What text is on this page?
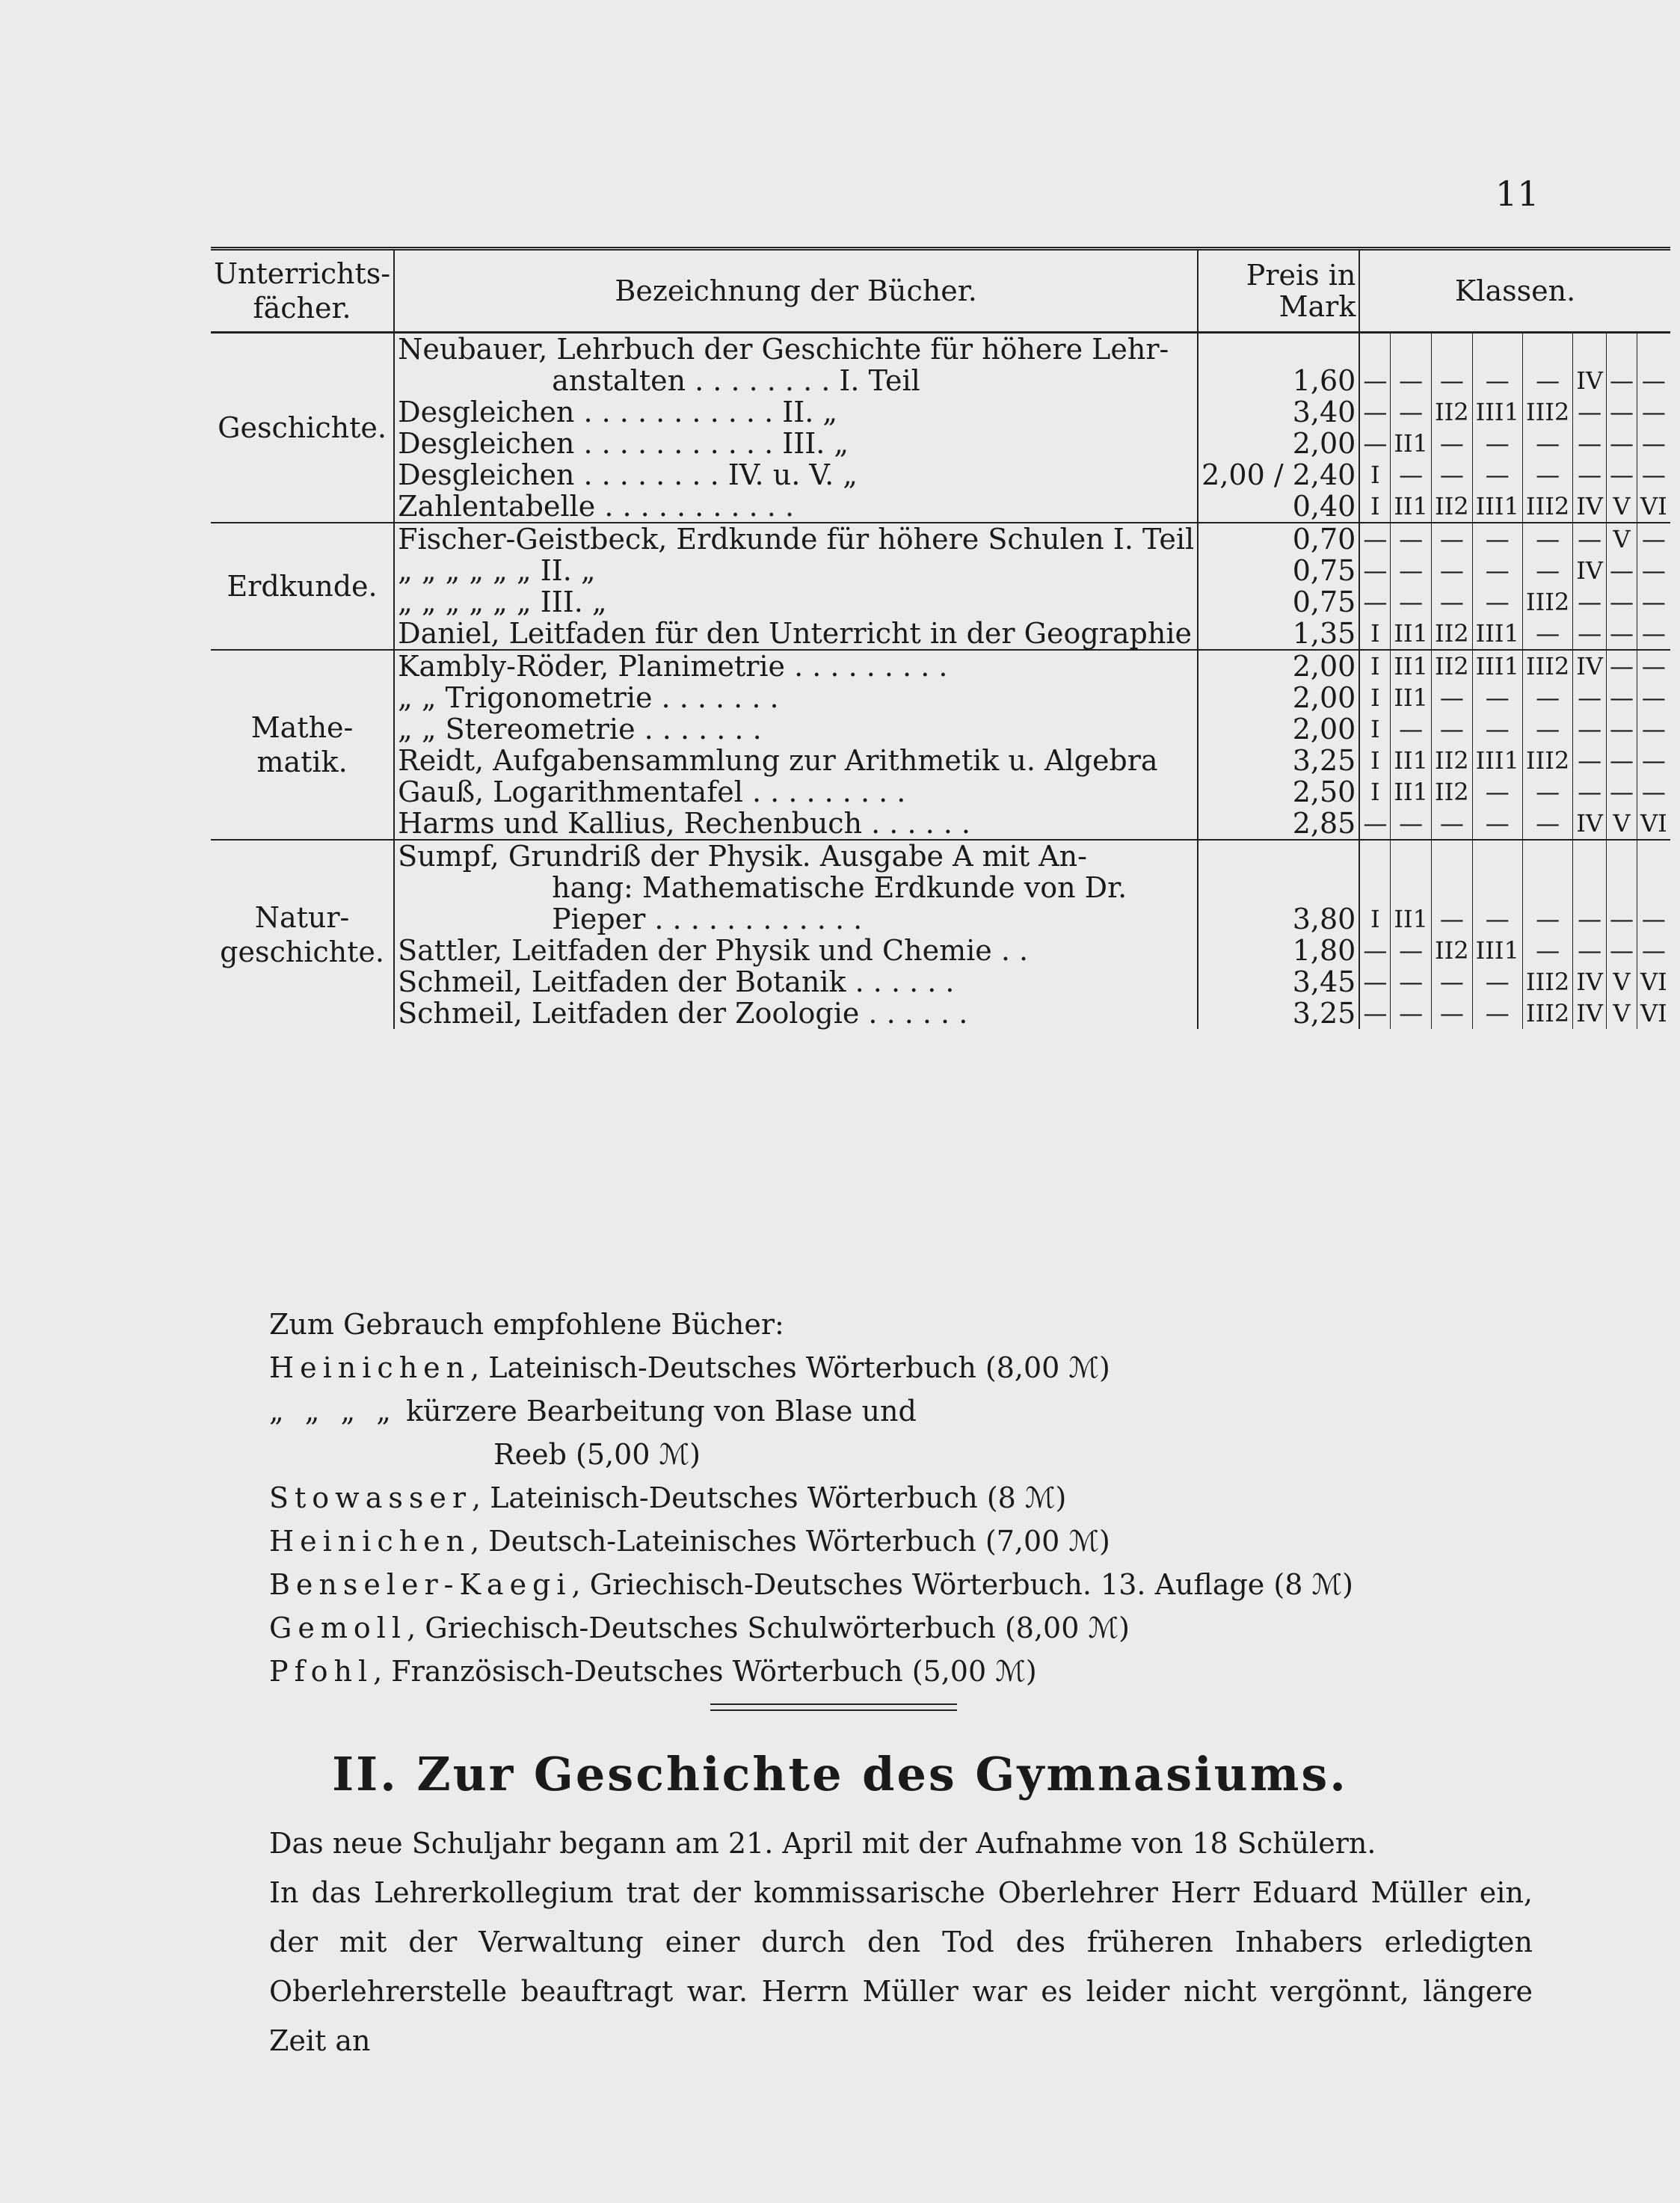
11
Unterrichts- fächer.	Bezeichnung der Bücher.	Preis in Mark	Klassen.							
Geschichte.	Neubauer, Lehrbuch der Geschichte für höhere Lehr-									
	anstalten . . . . . . . . I. Teil	1,60	—	—	—	—	—	IV	—	—
	Desgleichen . . . . . . . . . . . II. „	3,40	—	—	II2	III1	III2	—	—	—
	Desgleichen . . . . . . . . . . . III. „	2,00	—	II1	—	—	—	—	—	—
	Desgleichen . . . . . . . . IV. u. V. „	2,00 / 2,40	I	—	—	—	—	—	—	—
	Zahlentabelle . . . . . . . . . . .	0,40	I	II1	II2	III1	III2	IV	V	VI
Erdkunde.	Fischer-Geistbeck, Erdkunde für höhere Schulen I. Teil	0,70	—	—	—	—	—	—	V	—
	„ „ „ „ „ „ II. „	0,75	—	—	—	—	—	IV	—	—
	„ „ „ „ „ „ III. „	0,75	—	—	—	—	III2	—	—	—
	Daniel, Leitfaden für den Unterricht in der Geographie	1,35	I	II1	II2	III1	—	—	—	—
Mathe- matik.	Kambly-Röder, Planimetrie . . . . . . . . .	2,00	I	II1	II2	III1	III2	IV	—	—
	„ „ Trigonometrie . . . . . . .	2,00	I	II1	—	—	—	—	—	—
	„ „ Stereometrie . . . . . . .	2,00	I	—	—	—	—	—	—	—
	Reidt, Aufgabensammlung zur Arithmetik u. Algebra	3,25	I	II1	II2	III1	III2	—	—	—
	Gauß, Logarithmentafel . . . . . . . . .	2,50	I	II1	II2	—	—	—	—	—
	Harms und Kallius, Rechenbuch . . . . . .	2,85	—	—	—	—	—	IV	V	VI
Natur- geschichte.	Sumpf, Grundriß der Physik. Ausgabe A mit An-									
	hang: Mathematische Erdkunde von Dr.									
	Pieper . . . . . . . . . . . .	3,80	I	II1	—	—	—	—	—	—
	Sattler, Leitfaden der Physik und Chemie . .	1,80	—	—	II2	III1	—	—	—	—
	Schmeil, Leitfaden der Botanik . . . . . .	3,45	—	—	—	—	III2	IV	V	VI
	Schmeil, Leitfaden der Zoologie . . . . . .	3,25	—	—	—	—	III2	IV	V	VI

Zum Gebrauch empfohlene Bücher:

Heinichen, Lateinisch-Deutsches Wörterbuch (8,00 ℳ)

„ „ „ „ kürzere Bearbeitung von Blase und

Reeb (5,00 ℳ)

Stowasser, Lateinisch-Deutsches Wörterbuch (8 ℳ)

Heinichen, Deutsch-Lateinisches Wörterbuch (7,00 ℳ)

Benseler-Kaegi, Griechisch-Deutsches Wörterbuch. 13. Auflage (8 ℳ)

Gemoll, Griechisch-Deutsches Schulwörterbuch (8,00 ℳ)

Pfohl, Französisch-Deutsches Wörterbuch (5,00 ℳ)

II. Zur Geschichte des Gymnasiums.

Das neue Schuljahr begann am 21. April mit der Aufnahme von 18 Schülern.

In das Lehrerkollegium trat der kommissarische Oberlehrer Herr Eduard Müller ein, der mit der Verwaltung einer durch den Tod des früheren Inhabers erledigten Oberlehrerstelle beauftragt war. Herrn Müller war es leider nicht vergönnt, längere Zeit an
